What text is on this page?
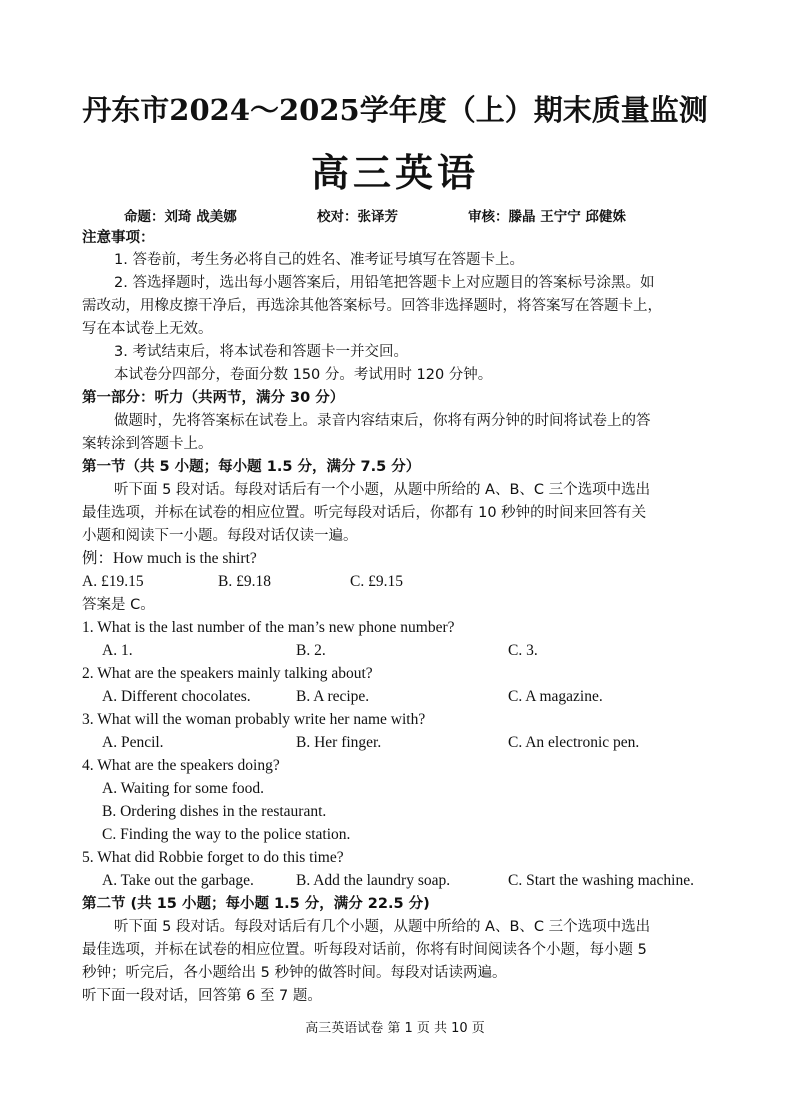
丹东市2024～2025学年度（上）期末质量监测
高三英语
命题：刘琦 战美娜	校对：张译芳	审核：滕晶 王宁宁 邱健姝
注意事项：
1. 答卷前，考生务必将自己的姓名、准考证号填写在答题卡上。
2. 答选择题时，选出每小题答案后，用铅笔把答题卡上对应题目的答案标号涂黑。如
需改动，用橡皮擦干净后，再选涂其他答案标号。回答非选择题时，将答案写在答题卡上，
写在本试卷上无效。
3. 考试结束后，将本试卷和答题卡一并交回。
本试卷分四部分，卷面分数 150 分。考试用时 120 分钟。
第一部分：听力（共两节，满分 30 分）
做题时，先将答案标在试卷上。录音内容结束后，你将有两分钟的时间将试卷上的答
案转涂到答题卡上。
第一节（共 5 小题；每小题 1.5 分，满分 7.5 分）
听下面 5 段对话。每段对话后有一个小题，从题中所给的 A、B、C 三个选项中选出
最佳选项，并标在试卷的相应位置。听完每段对话后，你都有 10 秒钟的时间来回答有关
小题和阅读下一小题。每段对话仅读一遍。
例：How much is the shirt?
A. £19.15	B. £9.18	C. £9.15
答案是 C。
1. What is the last number of the man’s new phone number?
A. 1.	B. 2.	C. 3.
2. What are the speakers mainly talking about?
A. Different chocolates.	B. A recipe.	C. A magazine.
3. What will the woman probably write her name with?
A. Pencil.	B. Her finger.	C. An electronic pen.
4. What are the speakers doing?
A. Waiting for some food.
B. Ordering dishes in the restaurant.
C. Finding the way to the police station.
5. What did Robbie forget to do this time?
A. Take out the garbage.	B. Add the laundry soap.	C. Start the washing machine.
第二节 (共 15 小题；每小题 1.5 分，满分 22.5 分)
听下面 5 段对话。每段对话后有几个小题，从题中所给的 A、B、C 三个选项中选出
最佳选项，并标在试卷的相应位置。听每段对话前，你将有时间阅读各个小题，每小题 5
秒钟；听完后，各小题给出 5 秒钟的做答时间。每段对话读两遍。
听下面一段对话，回答第 6 至 7 题。
高三英语试卷 第 1 页 共 10 页
